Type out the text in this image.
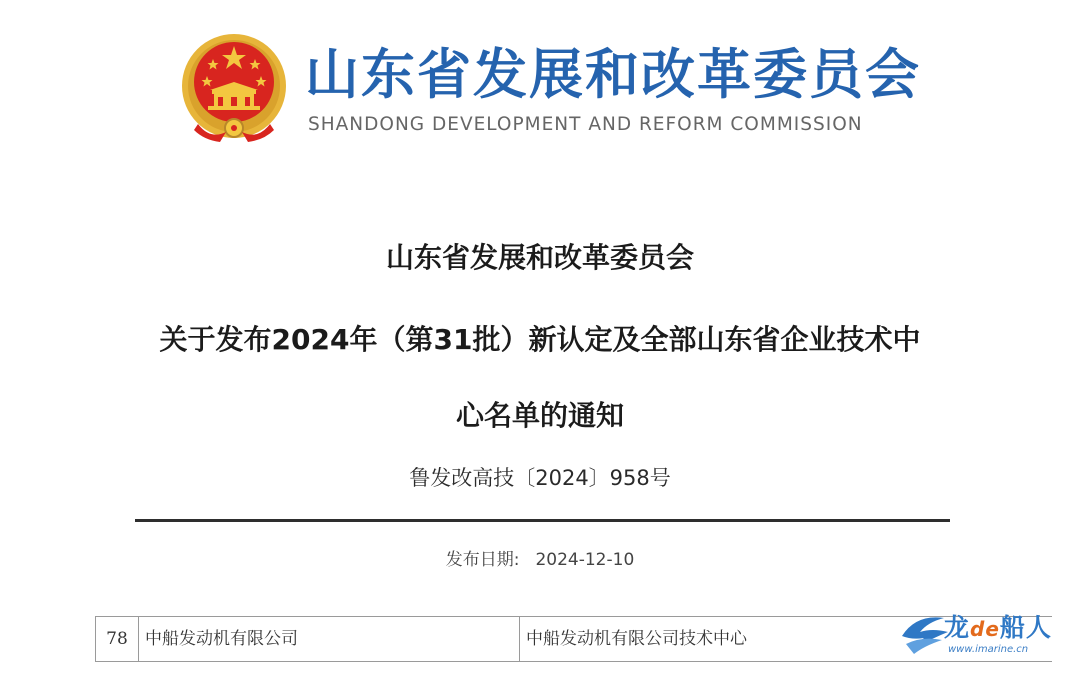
山东省发展和改革委员会
SHANDONG DEVELOPMENT AND REFORM COMMISSION
山东省发展和改革委员会
关于发布2024年（第31批）新认定及全部山东省企业技术中
心名单的通知
鲁发改高技〔2024〕958号
发布日期: 2024-12-10
78	中船发动机有限公司	中船发动机有限公司技术中心	龙de船人
www.imarine.cn
